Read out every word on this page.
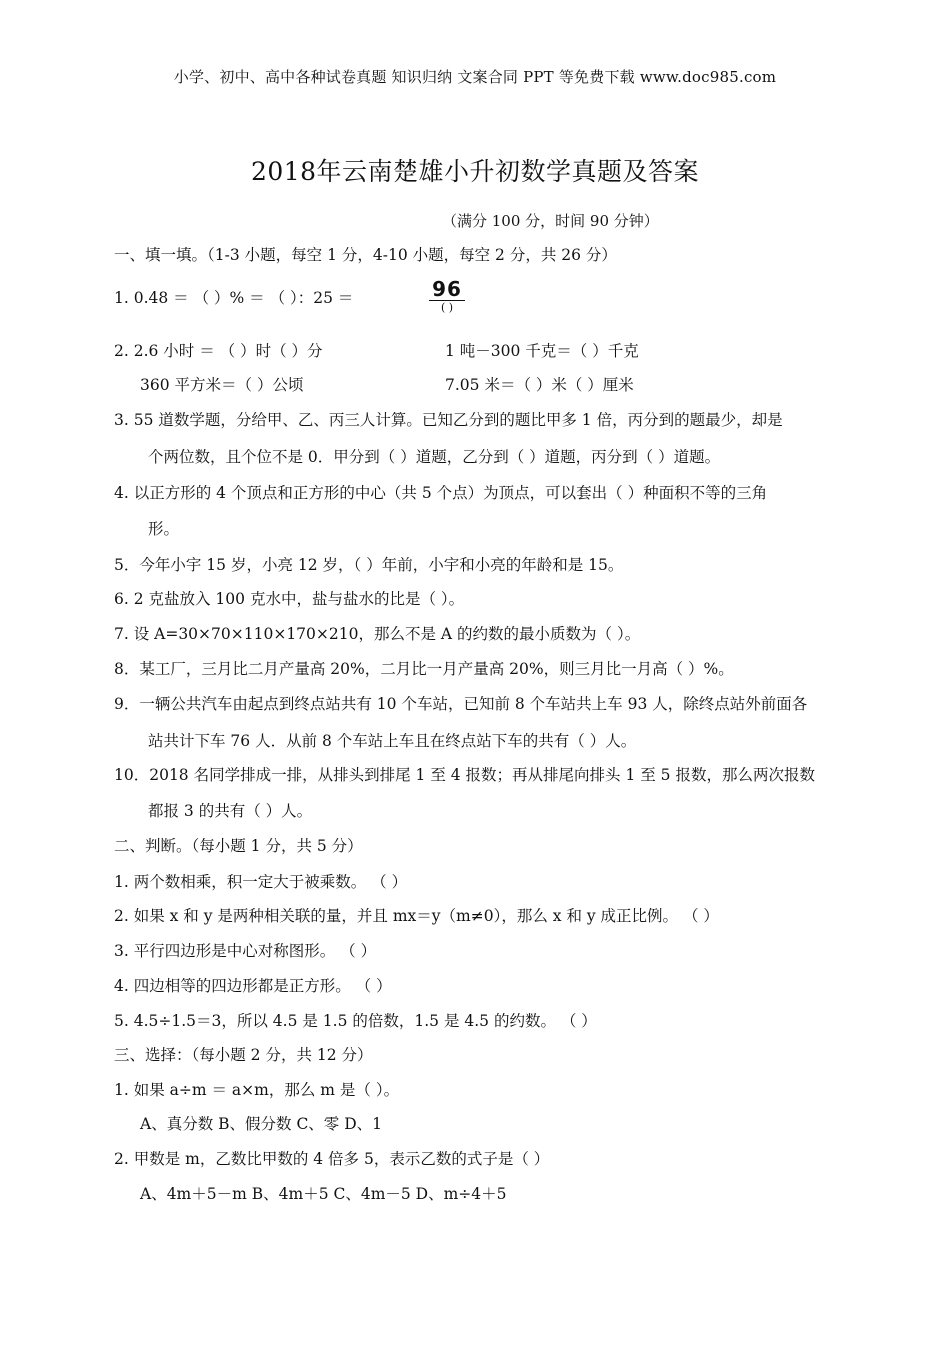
小学、初中、高中各种试卷真题 知识归纳 文案合同 PPT 等免费下载 www.doc985.com
2018年云南楚雄小升初数学真题及答案
（满分 100 分，时间 90 分钟）
一、填一填。（1-3 小题，每空 1 分，4-10 小题，每空 2 分，共 26 分）
1. 0.48 ＝ （ ）% ＝ （ ）：25 ＝	96
( )
2. 2.6 小时 ＝ （ ）时（ ）分	1 吨－300 千克＝（ ）千克
360 平方米＝（ ）公顷	7.05 米＝（ ）米（ ）厘米
3. 55 道数学题，分给甲、乙、丙三人计算。已知乙分到的题比甲多 1 倍，丙分到的题最少，却是
个两位数，且个位不是 0．甲分到（ ）道题，乙分到（ ）道题，丙分到（ ）道题。
4. 以正方形的 4 个顶点和正方形的中心（共 5 个点）为顶点，可以套出（ ）种面积不等的三角
形。
5．今年小宇 15 岁，小亮 12 岁，（ ）年前，小宇和小亮的年龄和是 15。
6. 2 克盐放入 100 克水中，盐与盐水的比是（ ）。
7. 设 A=30×70×110×170×210，那么不是 A 的约数的最小质数为（ ）。
8．某工厂，三月比二月产量高 20%，二月比一月产量高 20%，则三月比一月高（ ）%。
9．一辆公共汽车由起点到终点站共有 10 个车站，已知前 8 个车站共上车 93 人，除终点站外前面各
站共计下车 76 人．从前 8 个车站上车且在终点站下车的共有（ ）人。
10．2018 名同学排成一排，从排头到排尾 1 至 4 报数；再从排尾向排头 1 至 5 报数，那么两次报数
都报 3 的共有（ ）人。
二、判断。（每小题 1 分，共 5 分）
1. 两个数相乘，积一定大于被乘数。 （ ）
2. 如果 x 和 y 是两种相关联的量，并且 mx＝y（m≠0），那么 x 和 y 成正比例。 （ ）
3. 平行四边形是中心对称图形。 （ ）
4. 四边相等的四边形都是正方形。 （ ）
5. 4.5÷1.5＝3，所以 4.5 是 1.5 的倍数，1.5 是 4.5 的约数。 （ ）
三、选择：（每小题 2 分，共 12 分）
1. 如果 a÷m ＝ a×m，那么 m 是（ ）。
A、真分数 B、假分数 C、零 D、1
2. 甲数是 m，乙数比甲数的 4 倍多 5，表示乙数的式子是（ ）
A、4m＋5－m B、4m＋5 C、4m－5 D、m÷4＋5
